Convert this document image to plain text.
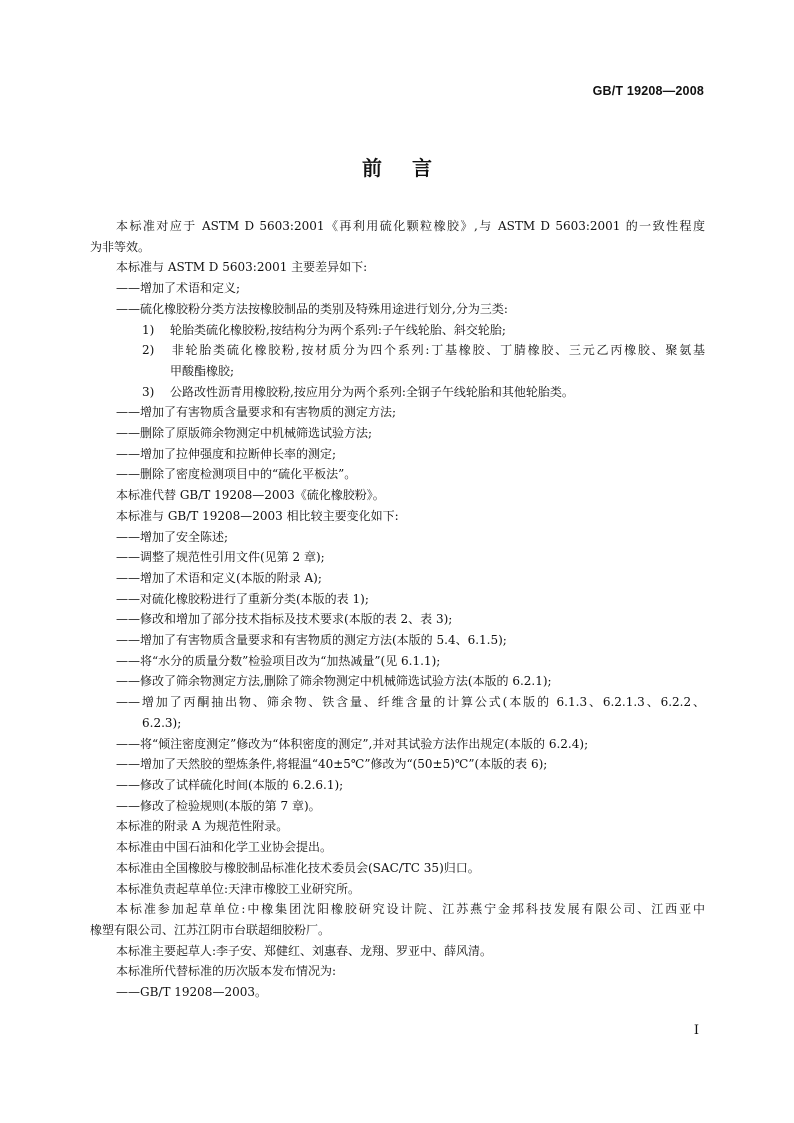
GB/T 19208—2008
前言
本标准对应于 ASTM D 5603:2001《再利用硫化颗粒橡胶》,与 ASTM D 5603:2001 的一致性程度
为非等效。
本标准与 ASTM D 5603:2001 主要差异如下:
——增加了术语和定义;
——硫化橡胶粉分类方法按橡胶制品的类别及特殊用途进行划分,分为三类:
1) 轮胎类硫化橡胶粉,按结构分为两个系列:子午线轮胎、斜交轮胎;
2) 非轮胎类硫化橡胶粉,按材质分为四个系列:丁基橡胶、丁腈橡胶、三元乙丙橡胶、聚氨基
甲酸酯橡胶;
3) 公路改性沥青用橡胶粉,按应用分为两个系列:全钢子午线轮胎和其他轮胎类。
——增加了有害物质含量要求和有害物质的测定方法;
——删除了原版筛余物测定中机械筛选试验方法;
——增加了拉伸强度和拉断伸长率的测定;
——删除了密度检测项目中的“硫化平板法”。
本标准代替 GB/T 19208—2003《硫化橡胶粉》。
本标准与 GB/T 19208—2003 相比较主要变化如下:
——增加了安全陈述;
——调整了规范性引用文件(见第 2 章);
——增加了术语和定义(本版的附录 A);
——对硫化橡胶粉进行了重新分类(本版的表 1);
——修改和增加了部分技术指标及技术要求(本版的表 2、表 3);
——增加了有害物质含量要求和有害物质的测定方法(本版的 5.4、6.1.5);
——将“水分的质量分数”检验项目改为“加热减量”(见 6.1.1);
——修改了筛余物测定方法,删除了筛余物测定中机械筛选试验方法(本版的 6.2.1);
——增加了丙酮抽出物、筛余物、铁含量、纤维含量的计算公式(本版的 6.1.3、6.2.1.3、6.2.2、
6.2.3);
——将“倾注密度测定”修改为“体积密度的测定”,并对其试验方法作出规定(本版的 6.2.4);
——增加了天然胶的塑炼条件,将辊温“40±5℃”修改为“(50±5)℃”(本版的表 6);
——修改了试样硫化时间(本版的 6.2.6.1);
——修改了检验规则(本版的第 7 章)。
本标准的附录 A 为规范性附录。
本标准由中国石油和化学工业协会提出。
本标准由全国橡胶与橡胶制品标准化技术委员会(SAC/TC 35)归口。
本标准负责起草单位:天津市橡胶工业研究所。
本标准参加起草单位:中橡集团沈阳橡胶研究设计院、江苏燕宁金邦科技发展有限公司、江西亚中
橡塑有限公司、江苏江阴市台联超细胶粉厂。
本标准主要起草人:李子安、郑健红、刘惠春、龙翔、罗亚中、薛风清。
本标准所代替标准的历次版本发布情况为:
——GB/T 19208—2003。
I
